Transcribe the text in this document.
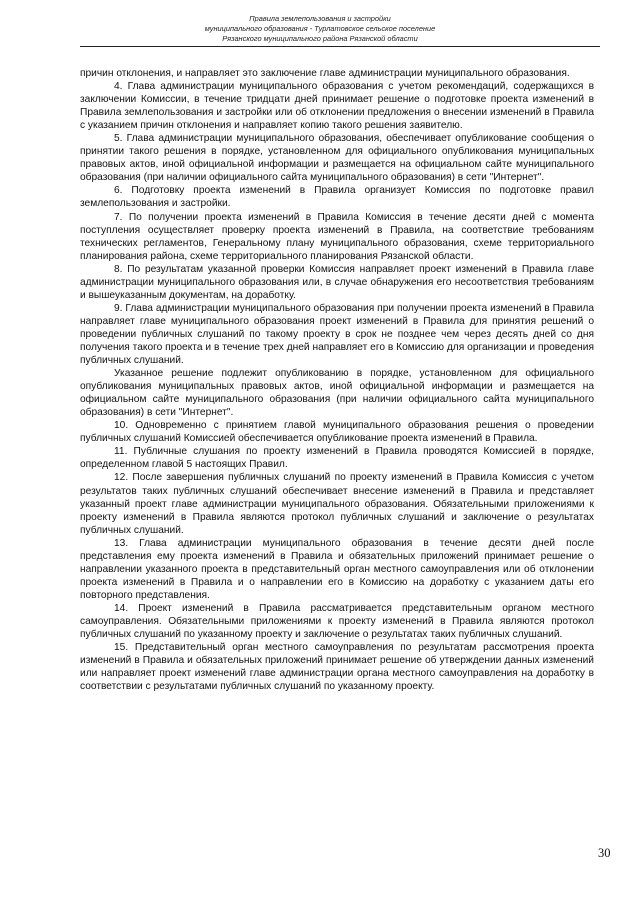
Правила землепользования и застройки
муниципального образования - Турлатовское сельское поселение
Рязанского муниципального района Рязанской области

причин отклонения, и направляет это заключение главе администрации муниципального образования.

4. Глава администрации муниципального образования с учетом рекомендаций, содержащихся в заключении Комиссии, в течение тридцати дней принимает решение о подготовке проекта изменений в Правила землепользования и застройки или об отклонении предложения о внесении изменений в Правила с указанием причин отклонения и направляет копию такого решения заявителю.

5. Глава администрации муниципального образования, обеспечивает опубликование сообщения о принятии такого решения в порядке, установленном для официального опубликования муниципальных правовых актов, иной официальной информации и размещается на официальном сайте муниципального образования (при наличии официального сайта муниципального образования) в сети "Интернет".

6. Подготовку проекта изменений в Правила организует Комиссия по подготовке правил землепользования и застройки.

7. По получении проекта изменений в Правила Комиссия в течение десяти дней с момента поступления осуществляет проверку проекта изменений в Правила, на соответствие требованиям технических регламентов, Генеральному плану муниципального образования, схеме территориального планирования района, схеме территориального планирования Рязанской области.

8. По результатам указанной проверки Комиссия направляет проект изменений в Правила главе администрации муниципального образования или, в случае обнаружения его несоответствия требованиям и вышеуказанным документам, на доработку.

9. Глава администрации муниципального образования при получении проекта изменений в Правила направляет главе муниципального образования проект изменений в Правила для принятия решений о проведении публичных слушаний по такому проекту в срок не позднее чем через десять дней со дня получения такого проекта и в течение трех дней направляет его в Комиссию для организации и проведения публичных слушаний.

Указанное решение подлежит опубликованию в порядке, установленном для официального опубликования муниципальных правовых актов, иной официальной информации и размещается на официальном сайте муниципального образования (при наличии официального сайта муниципального образования) в сети "Интернет".

10. Одновременно с принятием главой муниципального образования решения о проведении публичных слушаний Комиссией обеспечивается опубликование проекта изменений в Правила.

11. Публичные слушания по проекту изменений в Правила проводятся Комиссией в порядке, определенном главой 5 настоящих Правил.

12. После завершения публичных слушаний по проекту изменений в Правила Комиссия с учетом результатов таких публичных слушаний обеспечивает внесение изменений в Правила и представляет указанный проект главе администрации муниципального образования. Обязательными приложениями к проекту изменений в Правила являются протокол публичных слушаний и заключение о результатах публичных слушаний.

13. Глава администрации муниципального образования в течение десяти дней после представления ему проекта изменений в Правила и обязательных приложений принимает решение о направлении указанного проекта в представительный орган местного самоуправления или об отклонении проекта изменений в Правила и о направлении его в Комиссию на доработку с указанием даты его повторного представления.

14. Проект изменений в Правила рассматривается представительным органом местного самоуправления. Обязательными приложениями к проекту изменений в Правила являются протокол публичных слушаний по указанному проекту и заключение о результатах таких публичных слушаний.

15. Представительный орган местного самоуправления по результатам рассмотрения проекта изменений в Правила и обязательных приложений принимает решение об утверждении данных изменений или направляет проект изменений главе администрации органа местного самоуправления на доработку в соответствии с результатами публичных слушаний по указанному проекту.

30
